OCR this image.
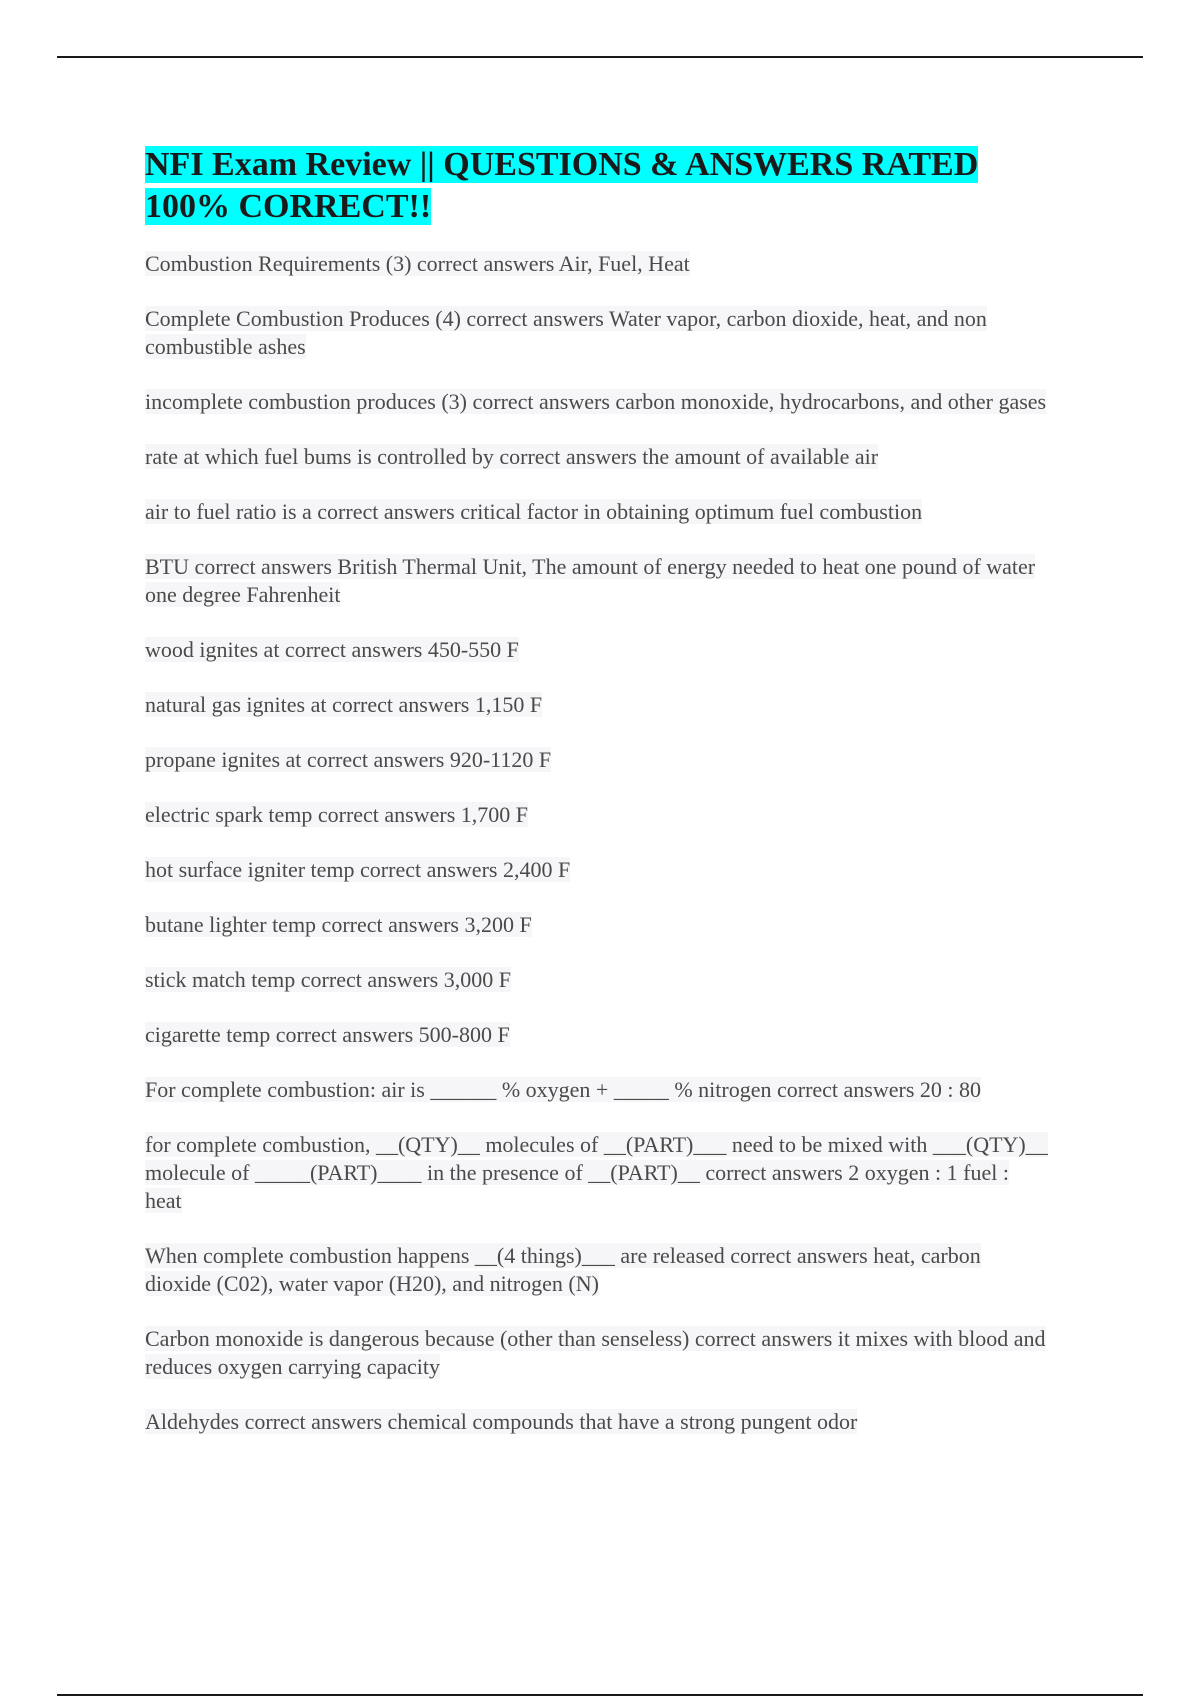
NFI Exam Review || QUESTIONS & ANSWERS RATED 100% CORRECT!!

Combustion Requirements (3) correct answers Air, Fuel, Heat

Complete Combustion Produces (4) correct answers Water vapor, carbon dioxide, heat, and non combustible ashes

incomplete combustion produces (3) correct answers carbon monoxide, hydrocarbons, and other gases

rate at which fuel bums is controlled by correct answers the amount of available air

air to fuel ratio is a correct answers critical factor in obtaining optimum fuel combustion

BTU correct answers British Thermal Unit, The amount of energy needed to heat one pound of water one degree Fahrenheit

wood ignites at correct answers 450-550 F

natural gas ignites at correct answers 1,150 F

propane ignites at correct answers 920-1120 F

electric spark temp correct answers 1,700 F

hot surface igniter temp correct answers 2,400 F

butane lighter temp correct answers 3,200 F

stick match temp correct answers 3,000 F

cigarette temp correct answers 500-800 F

For complete combustion: air is ______ % oxygen + _____ % nitrogen correct answers 20 : 80

for complete combustion, __(QTY)__ molecules of __(PART)___ need to be mixed with ___(QTY)__ molecule of _____(PART)____ in the presence of __(PART)__ correct answers 2 oxygen : 1 fuel : heat

When complete combustion happens __(4 things)___ are released correct answers heat, carbon dioxide (C02), water vapor (H20), and nitrogen (N)

Carbon monoxide is dangerous because (other than senseless) correct answers it mixes with blood and reduces oxygen carrying capacity

Aldehydes correct answers chemical compounds that have a strong pungent odor
